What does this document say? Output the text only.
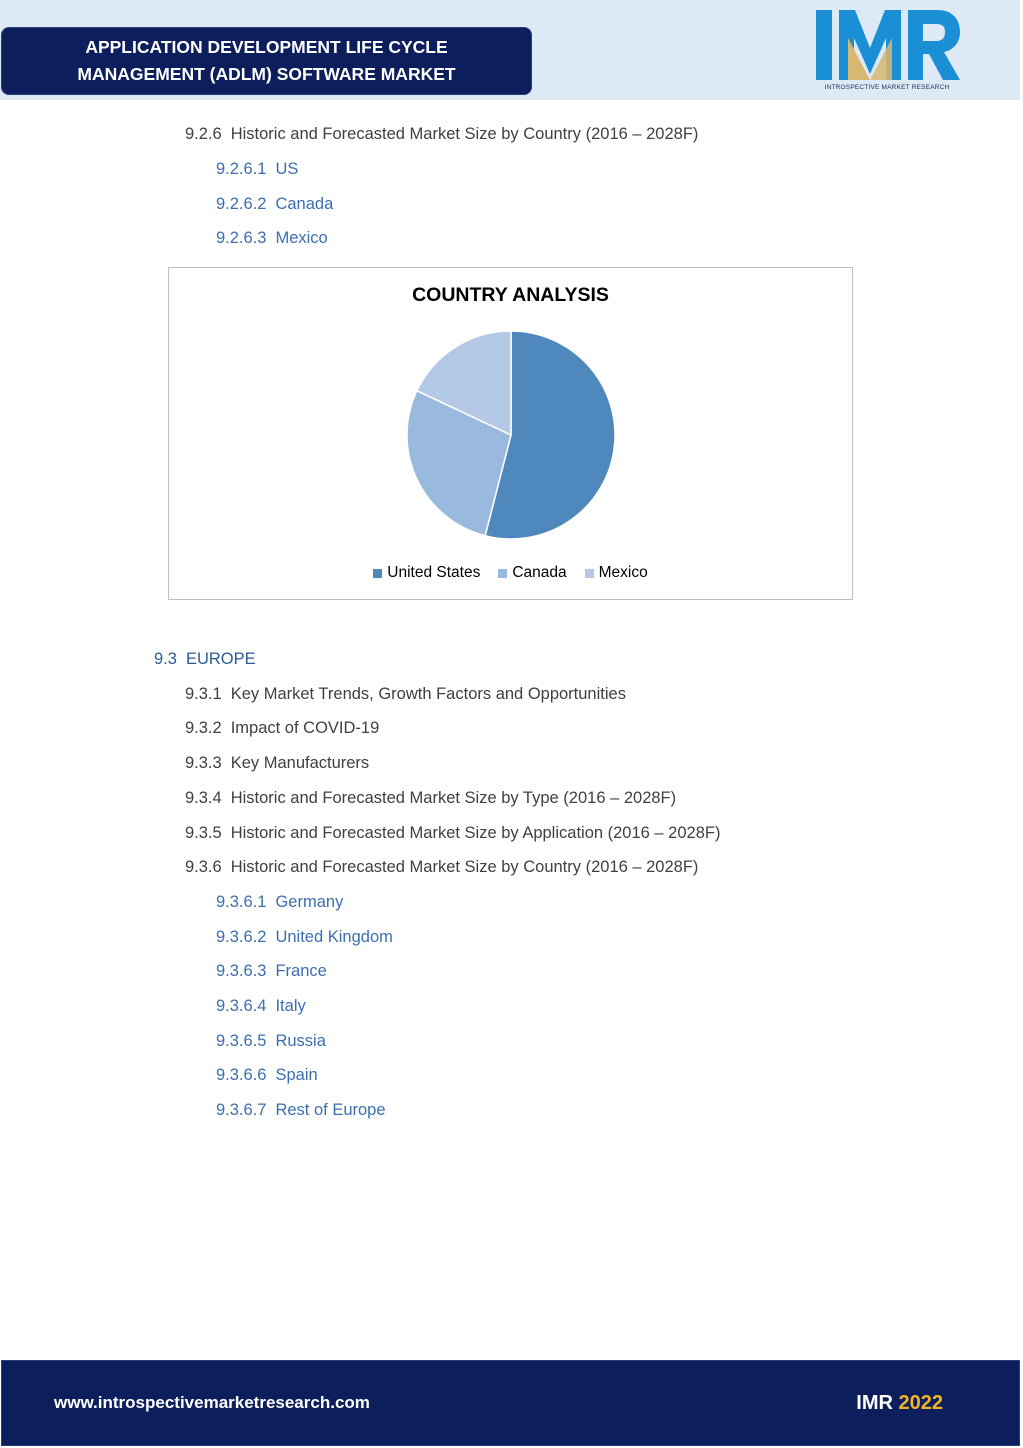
APPLICATION DEVELOPMENT LIFE CYCLE
MANAGEMENT (ADLM) SOFTWARE MARKET
INTROSPECTIVE MARKET RESEARCH
9.2.6 Historic and Forecasted Market Size by Country (2016 – 2028F)
9.2.6.1 US
9.2.6.2 Canada
9.2.6.3 Mexico
COUNTRY ANALYSIS
United States Canada Mexico
9.3 EUROPE
9.3.1 Key Market Trends, Growth Factors and Opportunities
9.3.2 Impact of COVID-19
9.3.3 Key Manufacturers
9.3.4 Historic and Forecasted Market Size by Type (2016 – 2028F)
9.3.5 Historic and Forecasted Market Size by Application (2016 – 2028F)
9.3.6 Historic and Forecasted Market Size by Country (2016 – 2028F)
9.3.6.1 Germany
9.3.6.2 United Kingdom
9.3.6.3 France
9.3.6.4 Italy
9.3.6.5 Russia
9.3.6.6 Spain
9.3.6.7 Rest of Europe
www.introspectivemarketresearch.com	IMR 2022
